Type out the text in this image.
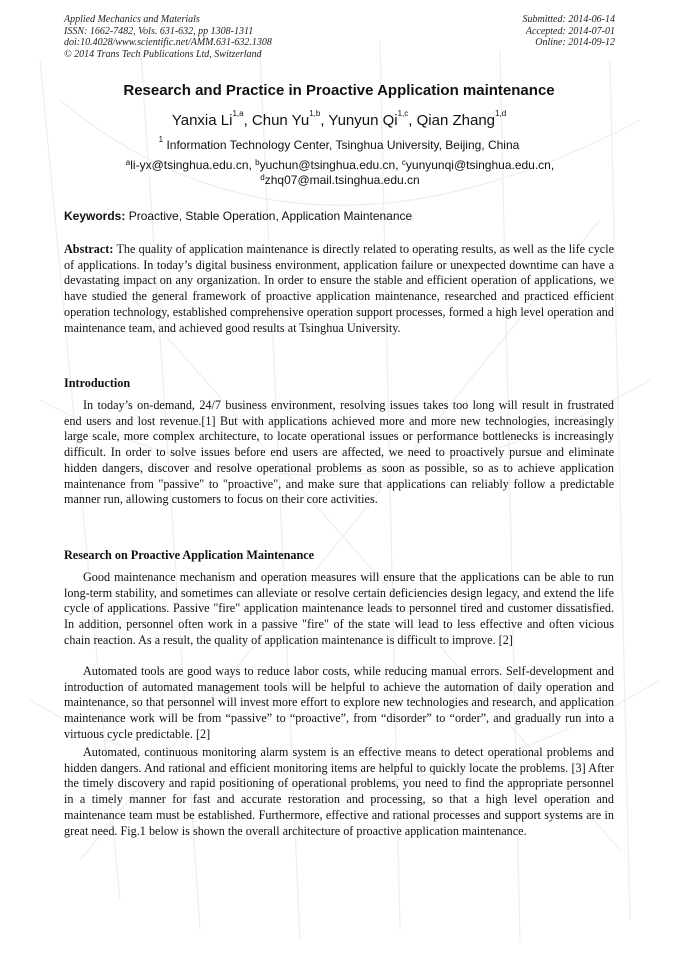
Applied Mechanics and Materials
ISSN: 1662-7482, Vols. 631-632, pp 1308-1311
doi:10.4028/www.scientific.net/AMM.631-632.1308
© 2014 Trans Tech Publications Ltd, Switzerland
Submitted: 2014-06-14
Accepted: 2014-07-01
Online: 2014-09-12
Research and Practice in Proactive Application maintenance
Yanxia Li$^{1,a}$, Chun Yu$^{1,b}$, Yunyun Qi$^{1,c}$, Qian Zhang$^{1,d}$
$^1$ Information Technology Center, Tsinghua University, Beijing, China
$^a$li-yx@tsinghua.edu.cn, $^b$yuchun@tsinghua.edu.cn, $^c$yunyunqi@tsinghua.edu.cn,
$^d$zhq07@mail.tsinghua.edu.cn
Keywords: Proactive, Stable Operation, Application Maintenance

Abstract: The quality of application maintenance is directly related to operating results, as well as the life cycle of applications. In today’s digital business environment, application failure or unexpected downtime can have a devastating impact on any organization. In order to ensure the stable and efficient operation of applications, we have studied the general framework of proactive application maintenance, researched and practiced efficient operation technology, established comprehensive operation support processes, formed a high level operation and maintenance team, and achieved good results at Tsinghua University.

Introduction

In today’s on-demand, 24/7 business environment, resolving issues takes too long will result in frustrated end users and lost revenue.[1] But with applications achieved more and more new technologies, increasingly large scale, more complex architecture, to locate operational issues or performance bottlenecks is increasingly difficult. In order to solve issues before end users are affected, we need to proactively pursue and eliminate hidden dangers, discover and resolve operational problems as soon as possible, so as to achieve application maintenance from "passive" to "proactive", and make sure that applications can reliably follow a predictable manner run, allowing customers to focus on their core activities.

Research on Proactive Application Maintenance

Good maintenance mechanism and operation measures will ensure that the applications can be able to run long-term stability, and sometimes can alleviate or resolve certain deficiencies design legacy, and extend the life cycle of applications. Passive "fire" application maintenance leads to personnel tired and customer dissatisfied. In addition, personnel often work in a passive "fire" of the state will lead to less effective and often vicious chain reaction. As a result, the quality of application maintenance is difficult to improve. [2]

Automated tools are good ways to reduce labor costs, while reducing manual errors. Self-development and introduction of automated management tools will be helpful to achieve the automation of daily operation and maintenance, so that personnel will invest more effort to explore new technologies and research, and application maintenance work will be from “passive” to “proactive”, from “disorder” to “order”, and gradually run into a virtuous cycle predictable. [2]

Automated, continuous monitoring alarm system is an effective means to detect operational problems and hidden dangers. And rational and efficient monitoring items are helpful to quickly locate the problems. [3] After the timely discovery and rapid positioning of operational problems, you need to find the appropriate personnel in a timely manner for fast and accurate restoration and processing, so that a high level operation and maintenance team must be established. Furthermore, effective and rational processes and support systems are in great need. Fig.1 below is shown the overall architecture of proactive application maintenance.
